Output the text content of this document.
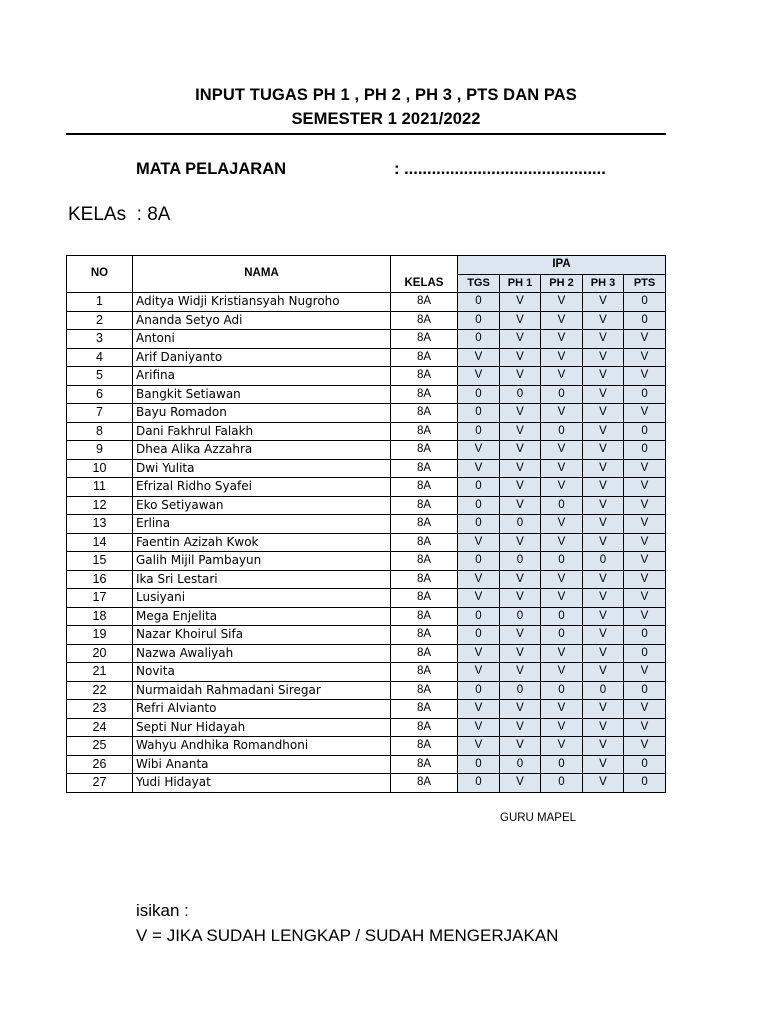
INPUT TUGAS PH 1 , PH 2 , PH 3 , PTS DAN PAS
SEMESTER 1 2021/2022
MATA PELAJARAN	: ............................................
KELAs  : 8A
NO	NAMA	KELAS	IPA				
			TGS	PH 1	PH 2	PH 3	PTS
1	Aditya Widji Kristiansyah Nugroho	8A	0	V	V	V	0
2	Ananda Setyo Adi	8A	0	V	V	V	0
3	Antoni	8A	0	V	V	V	V
4	Arif Daniyanto	8A	V	V	V	V	V
5	Arifina	8A	V	V	V	V	V
6	Bangkit Setiawan	8A	0	0	0	V	0
7	Bayu Romadon	8A	0	V	V	V	V
8	Dani Fakhrul Falakh	8A	0	V	0	V	0
9	Dhea Alika Azzahra	8A	V	V	V	V	0
10	Dwi Yulita	8A	V	V	V	V	V
11	Efrizal Ridho Syafei	8A	0	V	V	V	V
12	Eko Setiyawan	8A	0	V	0	V	V
13	Erlina	8A	0	0	V	V	V
14	Faentin Azizah Kwok	8A	V	V	V	V	V
15	Galih Mijil Pambayun	8A	0	0	0	0	V
16	Ika Sri Lestari	8A	V	V	V	V	V
17	Lusiyani	8A	V	V	V	V	V
18	Mega Enjelita	8A	0	0	0	V	V
19	Nazar Khoirul Sifa	8A	0	V	0	V	0
20	Nazwa Awaliyah	8A	V	V	V	V	0
21	Novita	8A	V	V	V	V	V
22	Nurmaidah Rahmadani Siregar	8A	0	0	0	0	0
23	Refri Alvianto	8A	V	V	V	V	V
24	Septi Nur Hidayah	8A	V	V	V	V	V
25	Wahyu Andhika Romandhoni	8A	V	V	V	V	V
26	Wibi Ananta	8A	0	0	0	V	0
27	Yudi Hidayat	8A	0	V	0	V	0
GURU MAPEL
isikan :
V = JIKA SUDAH LENGKAP / SUDAH MENGERJAKAN
